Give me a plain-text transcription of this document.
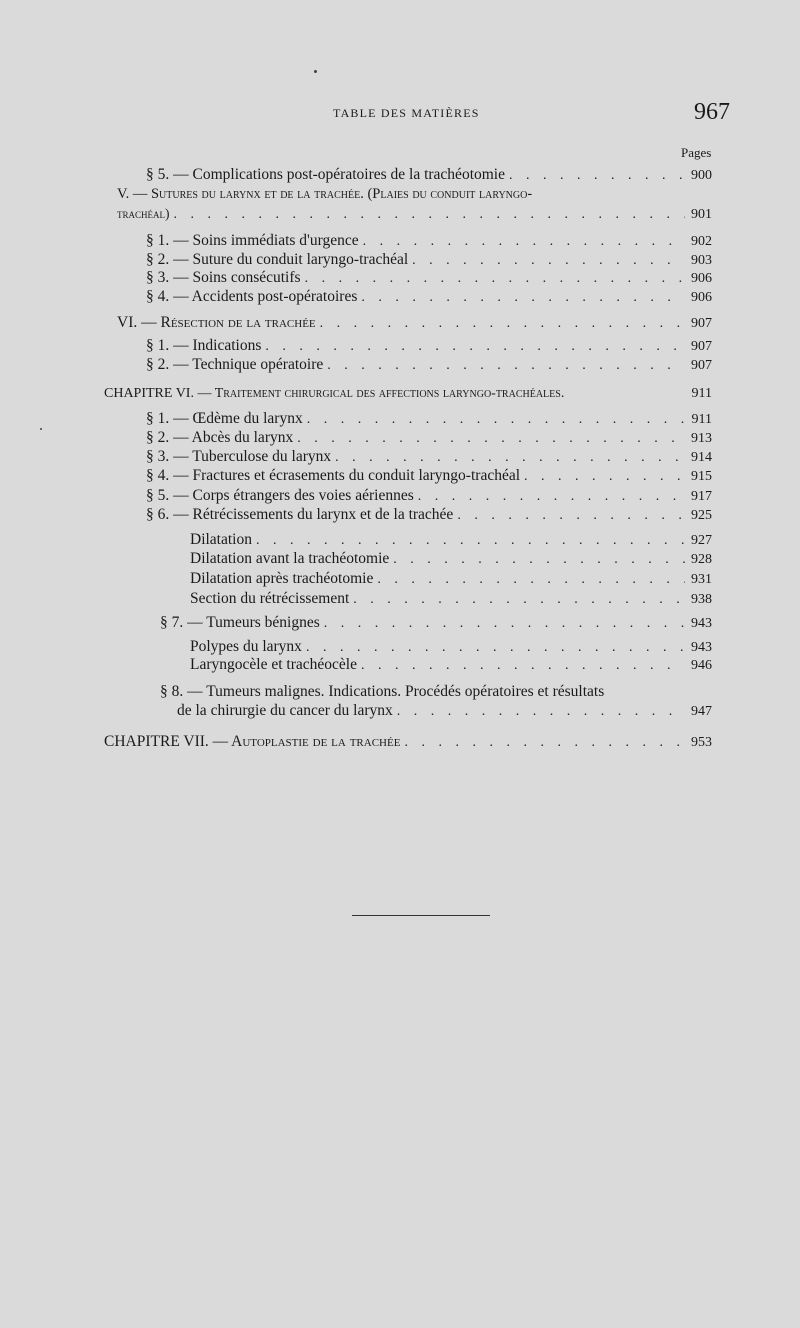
TABLE DES MATIÈRES	967
Pages
§ 5. — Complications post-opératoires de la trachéotomie . . .	900
V. — Sutures du larynx et de la trachée. (Plaies du conduit laryngo-
trachéal) . . .	901
§ 1. — Soins immédiats d'urgence . . .	902
§ 2. — Suture du conduit laryngo-trachéal . . .	903
§ 3. — Soins consécutifs . . .	906
§ 4. — Accidents post-opératoires . . .	906
VI. — Résection de la trachée . . .	907
§ 1. — Indications . . .	907
§ 2. — Technique opératoire . . .	907
CHAPITRE VI. — Traitement chirurgical des affections laryngo-trachéales.	911
§ 1. — Œdème du larynx . . .	911
§ 2. — Abcès du larynx . . .	913
§ 3. — Tuberculose du larynx . . .	914
§ 4. — Fractures et écrasements du conduit laryngo-trachéal . . .	915
§ 5. — Corps étrangers des voies aériennes . . .	917
§ 6. — Rétrécissements du larynx et de la trachée . . .	925
Dilatation . . .	927
Dilatation avant la trachéotomie . . .	928
Dilatation après trachéotomie . . .	931
Section du rétrécissement . . .	938
§ 7. — Tumeurs bénignes . . .	943
Polypes du larynx . . .	943
Laryngocèle et trachéocèle . . .	946
§ 8. — Tumeurs malignes. Indications. Procédés opératoires et résultats
de la chirurgie du cancer du larynx . . .	947
CHAPITRE VII. — Autoplastie de la trachée . . .	953
